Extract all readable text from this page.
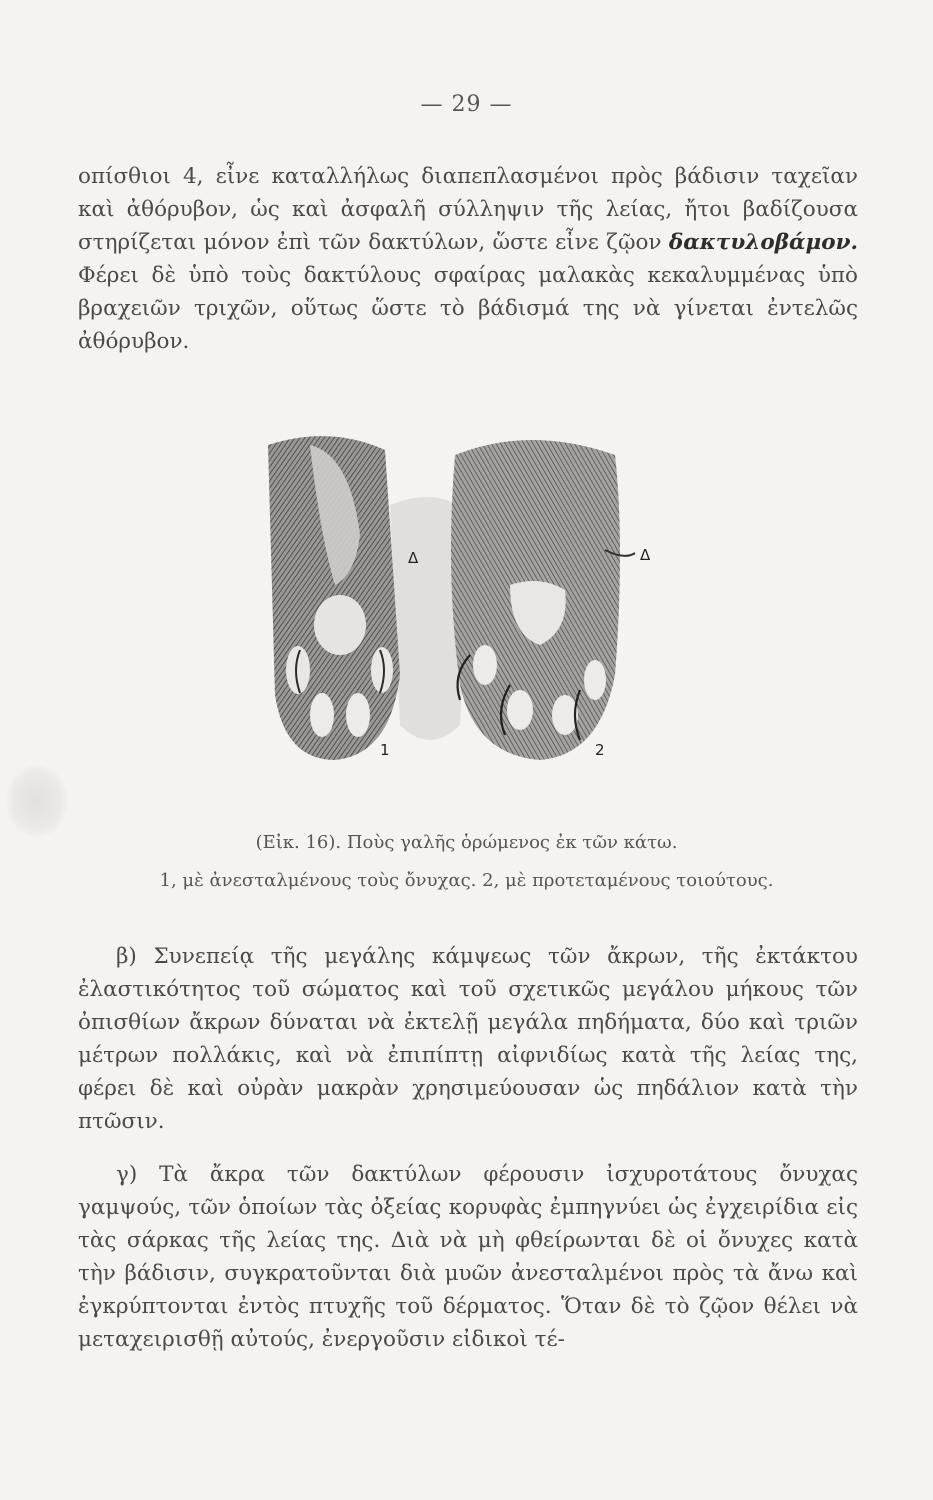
— 29 —

οπίσθιοι 4, εἶνε καταλλήλως διαπεπλασμένοι πρὸς βάδισιν ταχεῖαν καὶ ἀθόρυβον, ὡς καὶ ἀσφαλῆ σύλληψιν τῆς λείας, ἤτοι βαδίζουσα στηρίζεται μόνον ἐπὶ τῶν δακτύλων, ὥστε εἶνε ζῷον δακτυλοβάμον. Φέρει δὲ ὑπὸ τοὺς δακτύλους σφαίρας μαλακὰς κεκαλυμμένας ὑπὸ βραχειῶν τριχῶν, οὕτως ὥστε τὸ βάδισμά της νὰ γίνεται ἐντελῶς ἀθόρυβον.

Δ	Δ
1	2

(Εἰκ. 16). Ποὺς γαλῆς ὁρώμενος ἐκ τῶν κάτω.

1, μὲ ἀνεσταλμένους τοὺς ὄνυχας. 2, μὲ προτεταμένους τοιούτους.

β) Συνεπείᾳ τῆς μεγάλης κάμψεως τῶν ἄκρων, τῆς ἐκτάκτου ἐλαστικότητος τοῦ σώματος καὶ τοῦ σχετικῶς μεγάλου μήκους τῶν ὀπισθίων ἄκρων δύναται νὰ ἐκτελῇ μεγάλα πηδήματα, δύο καὶ τριῶν μέτρων πολλάκις, καὶ νὰ ἐπιπίπτῃ αἰφνιδίως κατὰ τῆς λείας της, φέρει δὲ καὶ οὐρὰν μακρὰν χρησιμεύουσαν ὡς πηδάλιον κατὰ τὴν πτῶσιν.

γ) Τὰ ἄκρα τῶν δακτύλων φέρουσιν ἰσχυροτάτους ὄνυχας γαμψούς, τῶν ὁποίων τὰς ὀξείας κορυφὰς ἐμπηγνύει ὡς ἐγχειρίδια εἰς τὰς σάρκας τῆς λείας της. Διὰ νὰ μὴ φθείρωνται δὲ οἱ ὄνυχες κατὰ τὴν βάδισιν, συγκρατοῦνται διὰ μυῶν ἀνεσταλμένοι πρὸς τὰ ἄνω καὶ ἐγκρύπτονται ἐντὸς πτυχῆς τοῦ δέρματος. Ὅταν δὲ τὸ ζῷον θέλει νὰ μεταχειρισθῇ αὐτούς, ἐνεργοῦσιν εἰδικοὶ τέ-
